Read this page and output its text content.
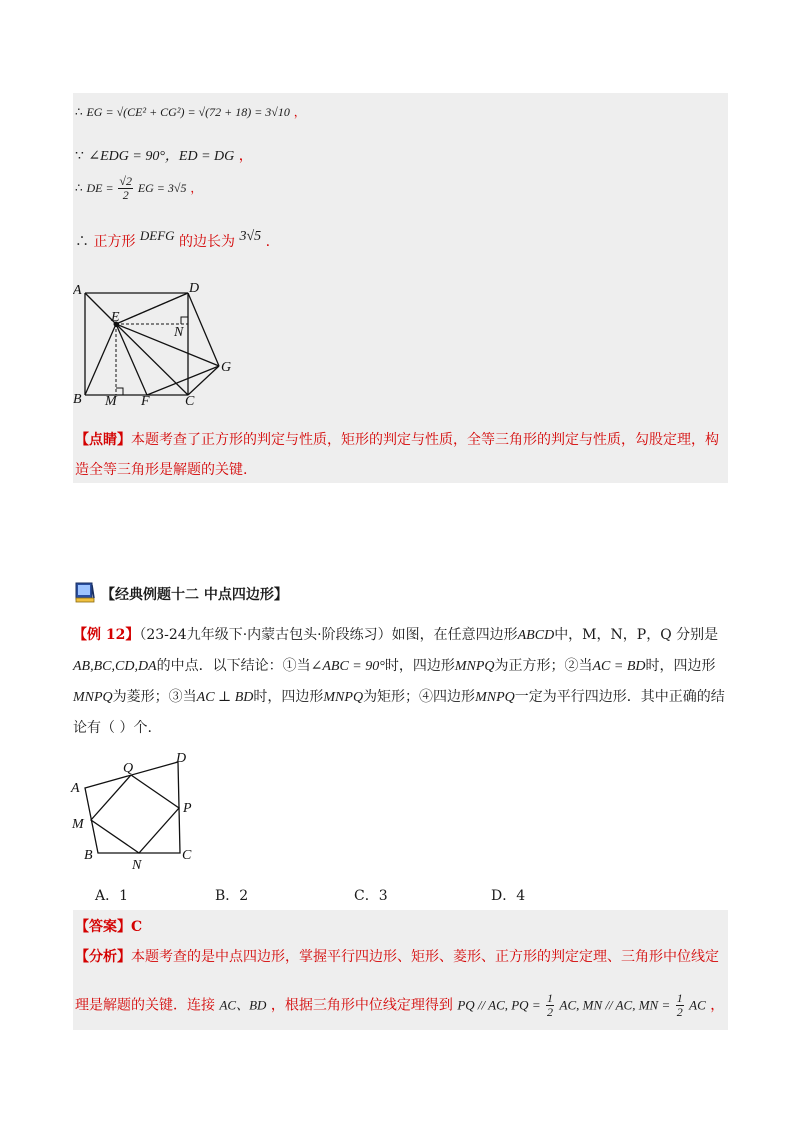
∴ EG = √(CE² + CG²) = √(72 + 18) = 3√10 ，
∵ ∠EDG = 90°，ED = DG ，
∴ DE = $\frac{√2}{2}$ EG = 3√5 ，
∴ 正方形 DEFG 的边长为 3√5 .
A	D
E
N
G
B M F	C
【点睛】本题考查了正方形的判定与性质，矩形的判定与性质，全等三角形的判定与性质，勾股定理，构造全等三角形是解题的关键.
【经典例题十二 中点四边形】
【例 12】（23-24九年级下·内蒙古包头·阶段练习）如图，在任意四边形ABCD中，M，N，P，Q 分别是 AB,BC,CD,DA的中点．以下结论：①当∠ABC = 90°时，四边形MNPQ为正方形；②当AC = BD时，四边形MNPQ为菱形；③当AC ⊥ BD时，四边形MNPQ为矩形；④四边形MNPQ一定为平行四边形．其中正确的结论有（ ）个.
Q
D
A
P
M
B
N
C
A．1	B．2	C．3	D．4
【答案】C
【分析】本题考查的是中点四边形，掌握平行四边形、矩形、菱形、正方形的判定定理、三角形中位线定
理是解题的关键．连接 AC、BD ，根据三角形中位线定理得到 PQ // AC, PQ = $\frac{1}{2}$ AC, MN // AC, MN = $\frac{1}{2}$ AC ，
